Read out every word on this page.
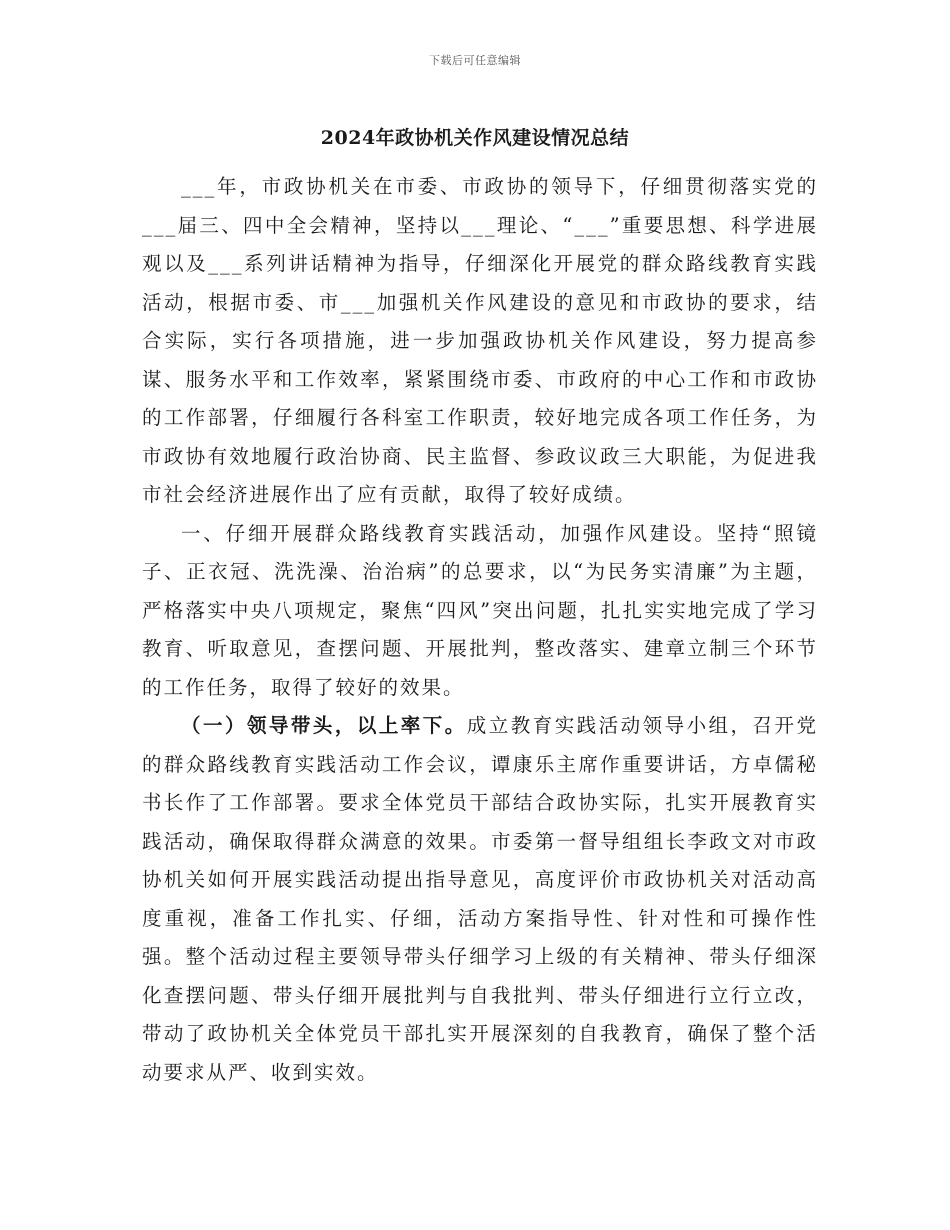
下载后可任意编辑
2024年政协机关作风建设情况总结

___年，市政协机关在市委、市政协的领导下，仔细贯彻落实党的___届三、四中全会精神，坚持以___理论、“___”重要思想、科学进展观以及___系列讲话精神为指导，仔细深化开展党的群众路线教育实践活动，根据市委、市___加强机关作风建设的意见和市政协的要求，结合实际，实行各项措施，进一步加强政协机关作风建设，努力提高参谋、服务水平和工作效率，紧紧围绕市委、市政府的中心工作和市政协的工作部署，仔细履行各科室工作职责，较好地完成各项工作任务，为市政协有效地履行政治协商、民主监督、参政议政三大职能，为促进我市社会经济进展作出了应有贡献，取得了较好成绩。

一、仔细开展群众路线教育实践活动，加强作风建设。坚持“照镜子、正衣冠、洗洗澡、治治病”的总要求，以“为民务实清廉”为主题，严格落实中央八项规定，聚焦“四风”突出问题，扎扎实实地完成了学习教育、听取意见，查摆问题、开展批判，整改落实、建章立制三个环节的工作任务，取得了较好的效果。

（一）领导带头，以上率下。成立教育实践活动领导小组，召开党的群众路线教育实践活动工作会议，谭康乐主席作重要讲话，方卓儒秘书长作了工作部署。要求全体党员干部结合政协实际，扎实开展教育实践活动，确保取得群众满意的效果。市委第一督导组组长李政文对市政协机关如何开展实践活动提出指导意见，高度评价市政协机关对活动高度重视，准备工作扎实、仔细，活动方案指导性、针对性和可操作性强。整个活动过程主要领导带头仔细学习上级的有关精神、带头仔细深化查摆问题、带头仔细开展批判与自我批判、带头仔细进行立行立改，带动了政协机关全体党员干部扎实开展深刻的自我教育，确保了整个活动要求从严、收到实效。
